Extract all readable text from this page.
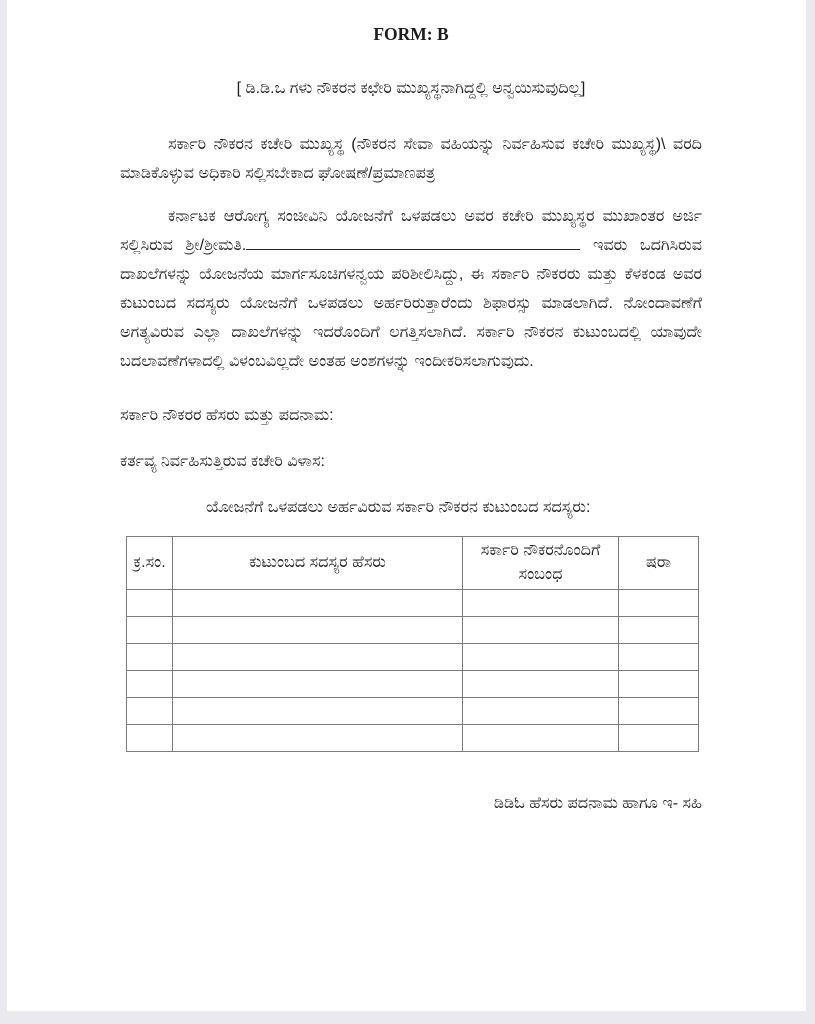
FORM: B
[ ಡಿ.ಡಿ.ಒ ಗಳು ನೌಕರನ ಕಛೇರಿ ಮುಖ್ಯಸ್ಥನಾಗಿದ್ದಲ್ಲಿ ಅನ್ವಯಿಸುವುದಿಲ್ಲ]

ಸರ್ಕಾರಿ ನೌಕರನ ಕಚೇರಿ ಮುಖ್ಯಸ್ಥ (ನೌಕರನ ಸೇವಾ ವಹಿಯನ್ನು ನಿರ್ವಹಿಸುವ ಕಚೇರಿ ಮುಖ್ಯಸ್ಥ)\ ವರದಿ ಮಾಡಿಕೊಳ್ಳುವ ಅಧಿಕಾರಿ ಸಲ್ಲಿಸಬೇಕಾದ ಘೋಷಣೆ/ಪ್ರಮಾಣಪತ್ರ

ಕರ್ನಾಟಕ ಆರೋಗ್ಯ ಸಂಜೀವಿನಿ ಯೋಜನೆಗೆ ಒಳಪಡಲು ಅವರ ಕಚೇರಿ ಮುಖ್ಯಸ್ಥರ ಮುಖಾಂತರ ಅರ್ಜಿ ಸಲ್ಲಿಸಿರುವ ಶ್ರೀ/ಶ್ರೀಮತಿ.	ಇವರು ಒದಗಿಸಿರುವ ದಾಖಲೆಗಳನ್ನು ಯೋಜನೆಯ ಮಾರ್ಗಸೂಚಿಗಳನ್ವಯ ಪರಿಶೀಲಿಸಿದ್ದು, ಈ ಸರ್ಕಾರಿ ನೌಕರರು ಮತ್ತು ಕೆಳಕಂಡ ಅವರ ಕುಟುಂಬದ ಸದಸ್ಯರು ಯೋಜನೆಗೆ ಒಳಪಡಲು ಅರ್ಹರಿರುತ್ತಾರೆಂದು ಶಿಫಾರಸ್ಸು ಮಾಡಲಾಗಿದೆ. ನೋಂದಾವಣೆಗೆ ಅಗತ್ಯವಿರುವ ಎಲ್ಲಾ ದಾಖಲೆಗಳನ್ನು ಇದರೊಂದಿಗೆ ಲಗತ್ತಿಸಲಾಗಿದೆ. ಸರ್ಕಾರಿ ನೌಕರನ ಕುಟುಂಬದಲ್ಲಿ ಯಾವುದೇ ಬದಲಾವಣೆಗಳಾದಲ್ಲಿ ವಿಳಂಬವಿಲ್ಲದೇ ಅಂತಹ ಅಂಶಗಳನ್ನು ಇಂದೀಕರಿಸಲಾಗುವುದು.

ಸರ್ಕಾರಿ ನೌಕರರ ಹೆಸರು ಮತ್ತು ಪದನಾಮ:
ಕರ್ತವ್ಯ ನಿರ್ವಹಿಸುತ್ತಿರುವ ಕಚೇರಿ ವಿಳಾಸ:
ಯೋಜನೆಗೆ ಒಳಪಡಲು ಅರ್ಹವಿರುವ ಸರ್ಕಾರಿ ನೌಕರನ ಕುಟುಂಬದ ಸದಸ್ಯರು:
ಕ್ರ.ಸಂ.	ಕುಟುಂಬದ ಸದಸ್ಯರ ಹೆಸರು	ಸರ್ಕಾರಿ ನೌಕರನೊಂದಿಗೆ ಸಂಬಂಧ	ಷರಾ

ಡಿಡಿಓ ಹೆಸರು ಪದನಾಮ ಹಾಗೂ ಇ- ಸಹಿ
